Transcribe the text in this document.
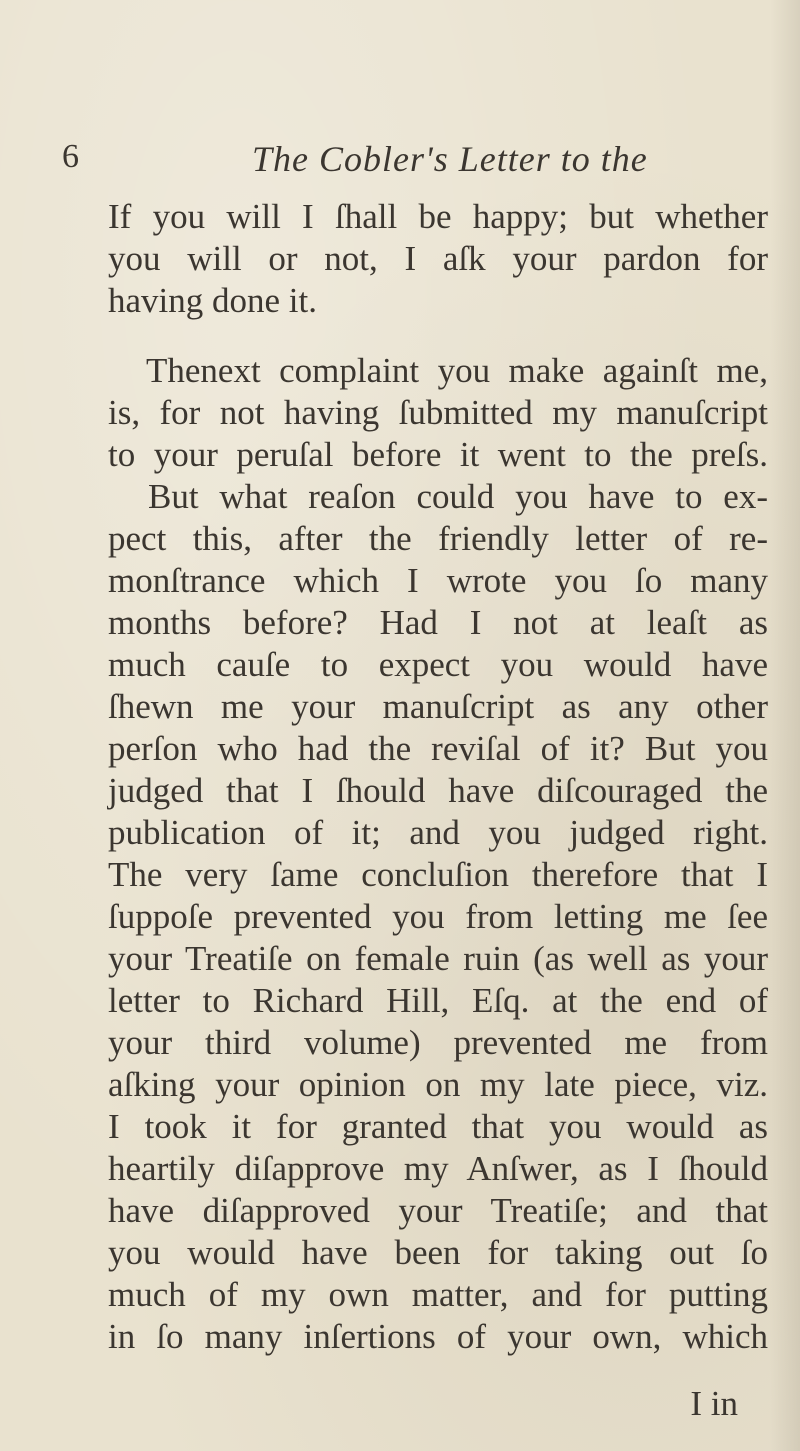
6	The Cobler's Letter to the
If you will I ſhall be happy; but whether
you will or not, I aſk your pardon for
having done it.
Thenext complaint you make againſt me,
is, for not having ſubmitted my manuſcript
to your peruſal before it went to the preſs.
But what reaſon could you have to ex-
pect this, after the friendly letter of re-
monſtrance which I wrote you ſo many
months before? Had I not at leaſt as
much cauſe to expect you would have
ſhewn me your manuſcript as any other
perſon who had the reviſal of it? But you
judged that I ſhould have diſcouraged the
publication of it; and you judged right.
The very ſame concluſion therefore that I
ſuppoſe prevented you from letting me ſee
your Treatiſe on female ruin (as well as your
letter to Richard Hill, Eſq. at the end of
your third volume) prevented me from
aſking your opinion on my late piece, viz.
I took it for granted that you would as
heartily diſapprove my Anſwer, as I ſhould
have diſapproved your Treatiſe; and that
you would have been for taking out ſo
much of my own matter, and for putting
in ſo many inſertions of your own, which
I in
